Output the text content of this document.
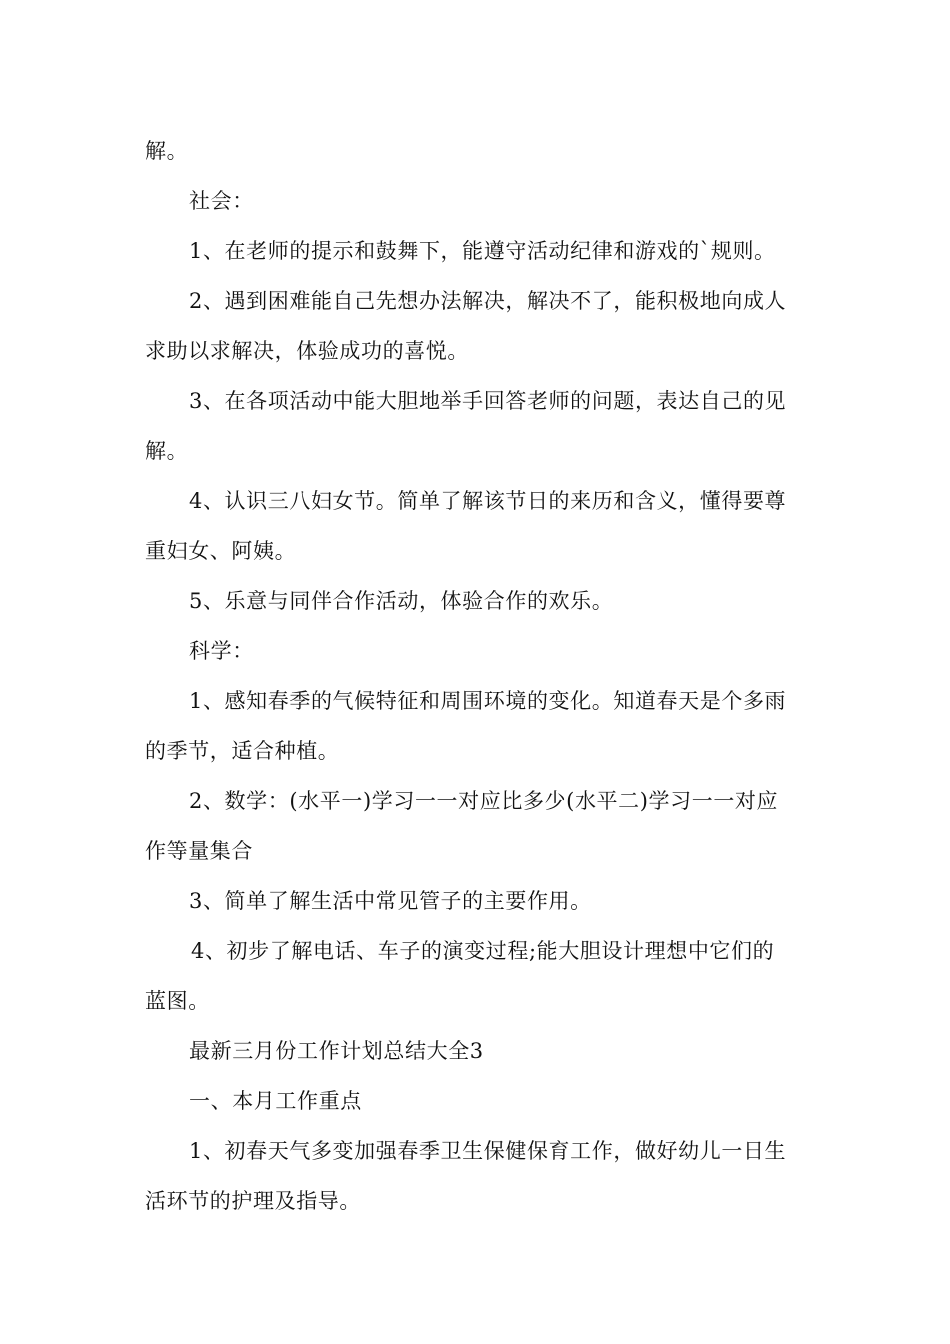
解。
社会：
1、在老师的提示和鼓舞下，能遵守活动纪律和游戏的`规则。
2、遇到困难能自己先想办法解决，解决不了，能积极地向成人
求助以求解决，体验成功的喜悦。
3、在各项活动中能大胆地举手回答老师的问题，表达自己的见
解。
4、认识三八妇女节。简单了解该节日的来历和含义，懂得要尊
重妇女、阿姨。
5、乐意与同伴合作活动，体验合作的欢乐。
科学：
1、感知春季的气候特征和周围环境的变化。知道春天是个多雨
的季节，适合种植。
2、数学：(水平一)学习一一对应比多少(水平二)学习一一对应
作等量集合
3、简单了解生活中常见管子的主要作用。
4、初步了解电话、车子的演变过程;能大胆设计理想中它们的
蓝图。
最新三月份工作计划总结大全3
一、本月工作重点
1、初春天气多变加强春季卫生保健保育工作，做好幼儿一日生
活环节的护理及指导。
